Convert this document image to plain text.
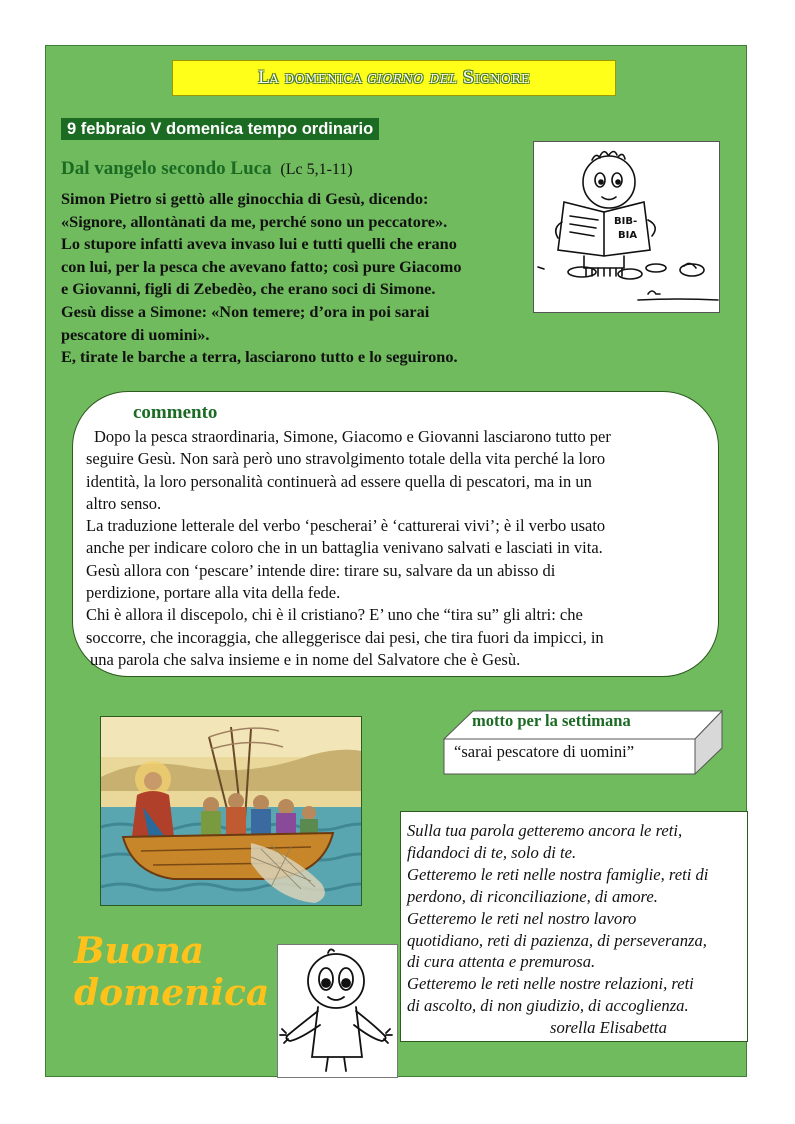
La domenica giorno del Signore
9 febbraio V domenica tempo ordinario
Dal vangelo secondo Luca (Lc 5,1-11)

Simon Pietro si gettò alle ginocchia di Gesù, dicendo:

«Signore, allontànati da me, perché sono un peccatore».

Lo stupore infatti aveva invaso lui e tutti quelli che erano

con lui, per la pesca che avevano fatto; così pure Giacomo

e Giovanni, figli di Zebedèo, che erano soci di Simone.

Gesù disse a Simone: «Non temere; d’ora in poi sarai

pescatore di uomini».

E, tirate le barche a terra, lasciarono tutto e lo seguirono.

BIB-
BIA
commento

Dopo la pesca straordinaria, Simone, Giacomo e Giovanni lasciarono tutto per

seguire Gesù. Non sarà però uno stravolgimento totale della vita perché la loro

identità, la loro personalità continuerà ad essere quella di pescatori, ma in un

altro senso.

La traduzione letterale del verbo ‘pescherai’ è ‘catturerai vivi’; è il verbo usato

anche per indicare coloro che in un battaglia venivano salvati e lasciati in vita.

Gesù allora con ‘pescare’ intende dire: tirare su, salvare da un abisso di

perdizione, portare alla vita della fede.

Chi è allora il discepolo, chi è il cristiano? E’ uno che “tira su” gli altri: che

soccorre, che incoraggia, che alleggerisce dai pesi, che tira fuori da impicci, in

una parola che salva insieme e in nome del Salvatore che è Gesù.

motto per la settimana
“sarai pescatore di uomini”

Sulla tua parola getteremo ancora le reti,

fidandoci di te, solo di te.

Getteremo le reti nelle nostra famiglie, reti di

perdono, di riconciliazione, di amore.

Getteremo le reti nel nostro lavoro

quotidiano, reti di pazienza, di perseveranza,

di cura attenta e premurosa.

Getteremo le reti nelle nostre relazioni, reti

di ascolto, di non giudizio, di accoglienza.

sorella Elisabetta

Buona
domenica
